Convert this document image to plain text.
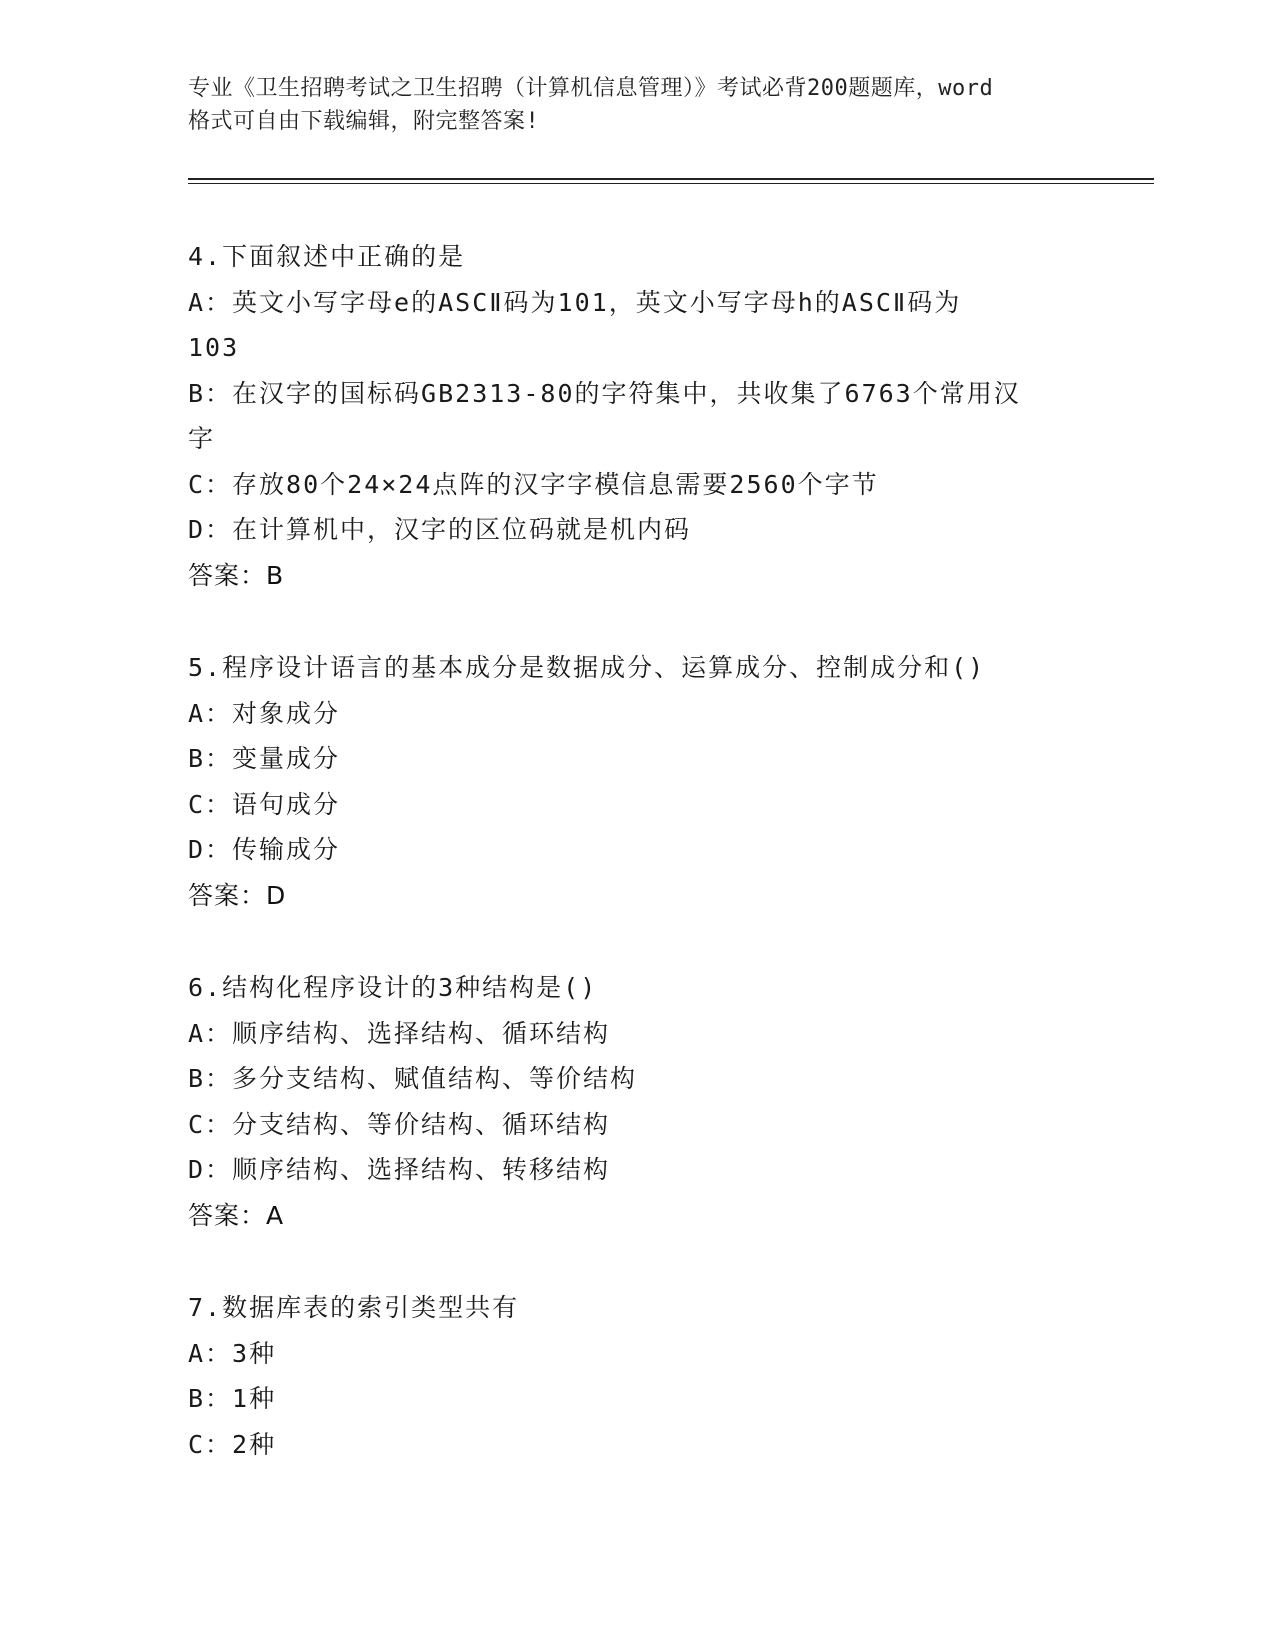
专业《卫生招聘考试之卫生招聘（计算机信息管理）》考试必背200题题库，word
格式可自由下载编辑，附完整答案!
4.下面叙述中正确的是
A：英文小写字母e的ASCⅡ码为101，英文小写字母h的ASCⅡ码为
103
B：在汉字的国标码GB2313-80的字符集中，共收集了6763个常用汉
字
C：存放80个24×24点阵的汉字字模信息需要2560个字节
D：在计算机中，汉字的区位码就是机内码
答案：B
5.程序设计语言的基本成分是数据成分、运算成分、控制成分和()
A：对象成分
B：变量成分
C：语句成分
D：传输成分
答案：D
6.结构化程序设计的3种结构是()
A：顺序结构、选择结构、循环结构
B：多分支结构、赋值结构、等价结构
C：分支结构、等价结构、循环结构
D：顺序结构、选择结构、转移结构
答案：A
7.数据库表的索引类型共有
A：3种
B：1种
C：2种
